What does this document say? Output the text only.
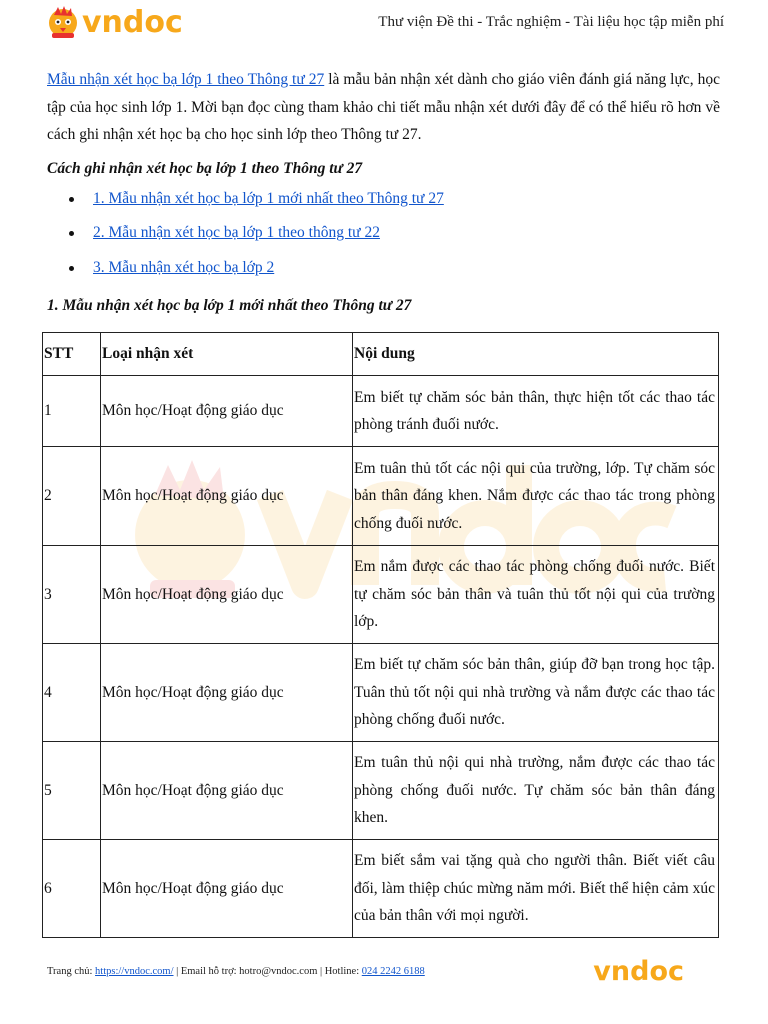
vndoc	Thư viện Đề thi - Trắc nghiệm - Tài liệu học tập miễn phí

Mẫu nhận xét học bạ lớp 1 theo Thông tư 27 là mẫu bản nhận xét dành cho giáo viên đánh giá năng lực, học tập của học sinh lớp 1. Mời bạn đọc cùng tham khảo chi tiết mẫu nhận xét dưới đây để có thể hiểu rõ hơn về cách ghi nhận xét học bạ cho học sinh lớp theo Thông tư 27.

Cách ghi nhận xét học bạ lớp 1 theo Thông tư 27
1. Mẫu nhận xét học bạ lớp 1 mới nhất theo Thông tư 27
2. Mẫu nhận xét học bạ lớp 1 theo thông tư 22
3. Mẫu nhận xét học bạ lớp 2
1. Mẫu nhận xét học bạ lớp 1 mới nhất theo Thông tư 27
STT	Loại nhận xét	Nội dung
1	Môn học/Hoạt động giáo dục	Em biết tự chăm sóc bản thân, thực hiện tốt các thao tác phòng tránh đuối nước.
2	Môn học/Hoạt động giáo dục	Em tuân thủ tốt các nội qui của trường, lớp. Tự chăm sóc bản thân đáng khen. Nắm được các thao tác trong phòng chống đuối nước.
3	Môn học/Hoạt động giáo dục	Em nắm được các thao tác phòng chống đuối nước. Biết tự chăm sóc bản thân và tuân thủ tốt nội qui của trường lớp.
4	Môn học/Hoạt động giáo dục	Em biết tự chăm sóc bản thân, giúp đỡ bạn trong học tập. Tuân thủ tốt nội qui nhà trường và nắm được các thao tác phòng chống đuối nước.
5	Môn học/Hoạt động giáo dục	Em tuân thủ nội qui nhà trường, nắm được các thao tác phòng chống đuối nước. Tự chăm sóc bản thân đáng khen.
6	Môn học/Hoạt động giáo dục	Em biết sắm vai tặng quà cho người thân. Biết viết câu đối, làm thiệp chúc mừng năm mới. Biết thể hiện cảm xúc của bản thân với mọi người.
Trang chủ: https://vndoc.com/ | Email hỗ trợ: hotro@vndoc.com | Hotline: 024 2242 6188	vndoc
